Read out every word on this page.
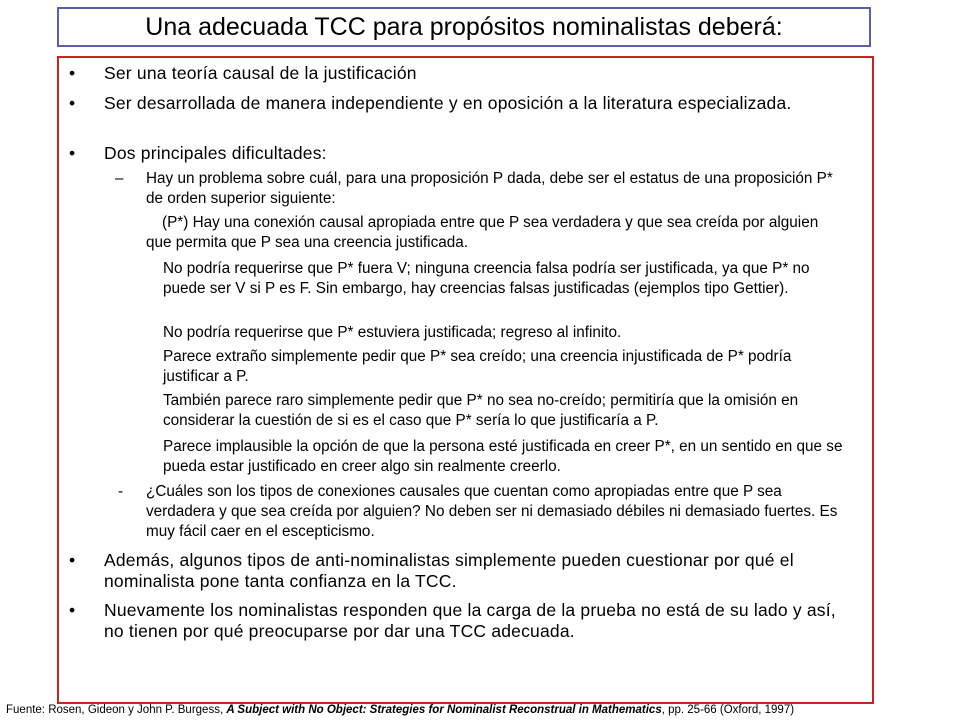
Una adecuada TCC para propósitos nominalistas deberá:
• Ser una teoría causal de la justificación
• Ser desarrollada de manera independiente y en oposición a la literatura especializada.
• Dos principales dificultades:
– Hay un problema sobre cuál, para una proposición P dada, debe ser el estatus de una proposición P* de orden superior siguiente:
(P*) Hay una conexión causal apropiada entre que P sea verdadera y que sea creída por alguien que permita que P sea una creencia justificada.
No podría requerirse que P* fuera V; ninguna creencia falsa podría ser justificada, ya que P* no puede ser V si P es F. Sin embargo, hay creencias falsas justificadas (ejemplos tipo Gettier).
No podría requerirse que P* estuviera justificada; regreso al infinito.
Parece extraño simplemente pedir que P* sea creído; una creencia injustificada de P* podría justificar a P.
También parece raro simplemente pedir que P* no sea no-creído; permitiría que la omisión en considerar la cuestión de si es el caso que P* sería lo que justificaría a P.
Parece implausible la opción de que la persona esté justificada en creer P*, en un sentido en que se pueda estar justificado en creer algo sin realmente creerlo.
- ¿Cuáles son los tipos de conexiones causales que cuentan como apropiadas entre que P sea verdadera y que sea creída por alguien? No deben ser ni demasiado débiles ni demasiado fuertes. Es muy fácil caer en el escepticismo.
• Además, algunos tipos de anti-nominalistas simplemente pueden cuestionar por qué el nominalista pone tanta confianza en la TCC.
• Nuevamente los nominalistas responden que la carga de la prueba no está de su lado y así, no tienen por qué preocuparse por dar una TCC adecuada.
Fuente: Rosen, Gideon y John P. Burgess, A Subject with No Object: Strategies for Nominalist Reconstrual in Mathematics, pp. 25-66 (Oxford, 1997)
